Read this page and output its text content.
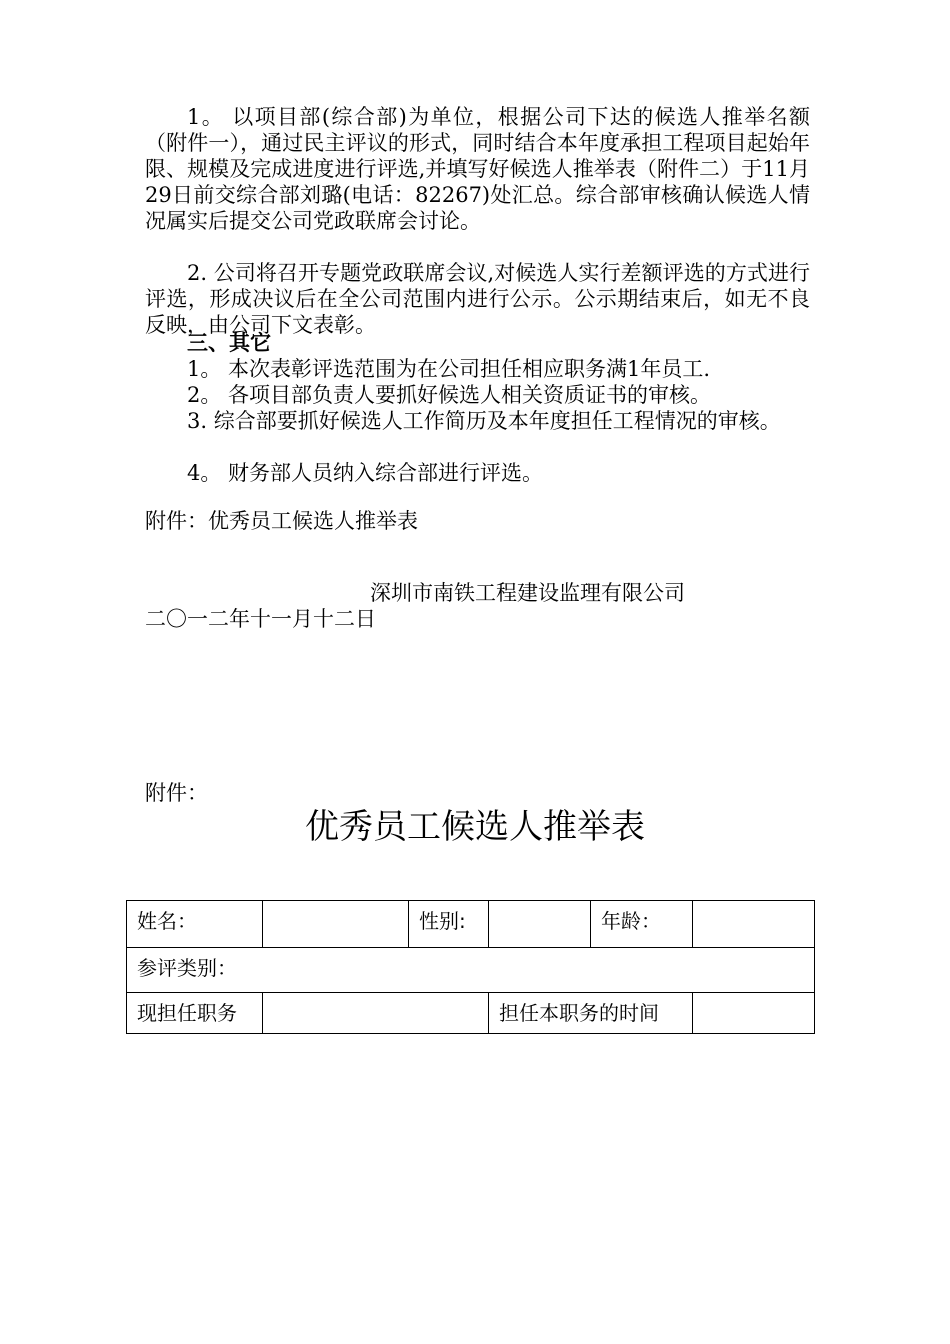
1。 以项目部(综合部)为单位，根据公司下达的候选人推举名额（附件一），通过民主评议的形式，同时结合本年度承担工程项目起始年限、规模及完成进度进行评选,并填写好候选人推举表（附件二）于11月29日前交综合部刘璐(电话：82267)处汇总。综合部审核确认候选人情况属实后提交公司党政联席会讨论。

2. 公司将召开专题党政联席会议,对候选人实行差额评选的方式进行评选，形成决议后在全公司范围内进行公示。公示期结束后，如无不良反映，由公司下文表彰。

三、其它

1。 本次表彰评选范围为在公司担任相应职务满1年员工.

2。 各项目部负责人要抓好候选人相关资质证书的审核。

3. 综合部要抓好候选人工作简历及本年度担任工程情况的审核。

4。 财务部人员纳入综合部进行评选。

附件：优秀员工候选人推举表

深圳市南铁工程建设监理有限公司

二〇一二年十一月十二日

附件：

优秀员工候选人推举表
姓名：		性别:		年龄：	
参评类别：					
现担任职务			担任本职务的时间		
